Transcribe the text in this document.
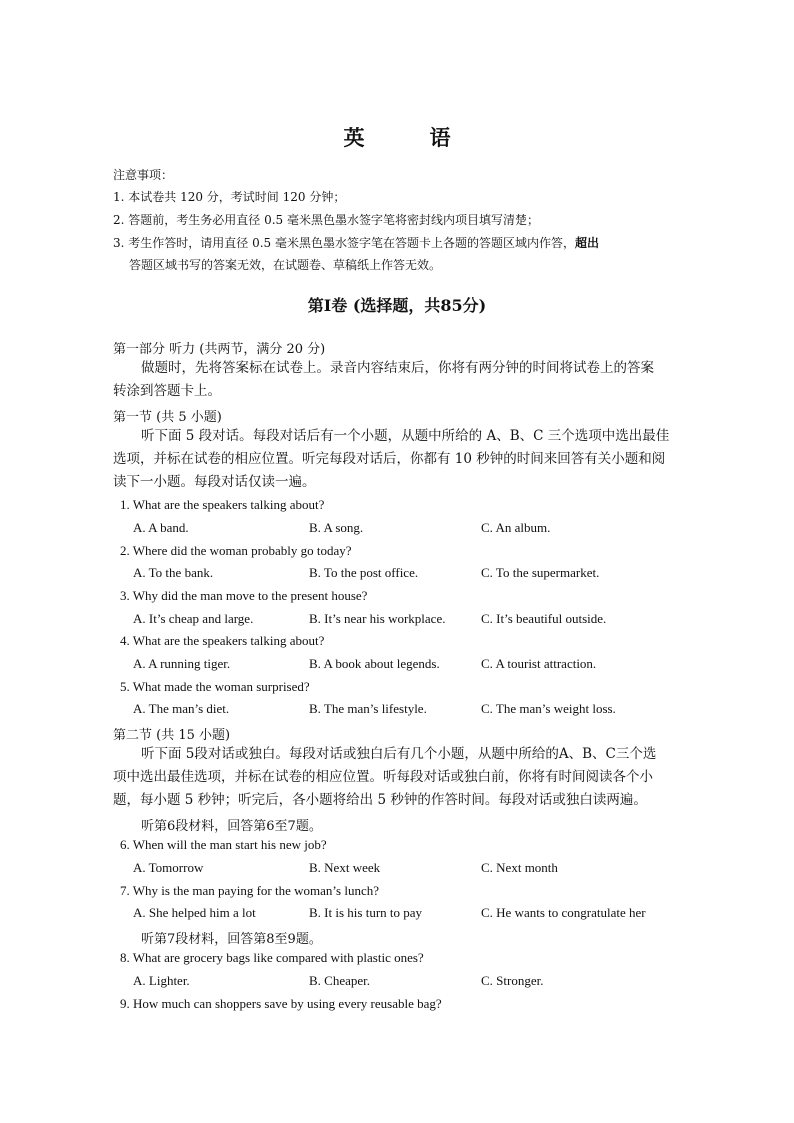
英　语
注意事项：
1. 本试卷共 120 分，考试时间 120 分钟；
2. 答题前，考生务必用直径 0.5 毫米黑色墨水签字笔将密封线内项目填写清楚；
3. 考生作答时，请用直径 0.5 毫米黑色墨水签字笔在答题卡上各题的答题区域内作答，超出
答题区域书写的答案无效，在试题卷、草稿纸上作答无效。
第Ⅰ卷 (选择题，共85分)
第一部分 听力 (共两节，满分 20 分)
做题时，先将答案标在试卷上。录音内容结束后，你将有两分钟的时间将试卷上的答案
转涂到答题卡上。
第一节 (共 5 小题)
听下面 5 段对话。每段对话后有一个小题，从题中所给的 A、B、C 三个选项中选出最佳
选项，并标在试卷的相应位置。听完每段对话后，你都有 10 秒钟的时间来回答有关小题和阅
读下一小题。每段对话仅读一遍。
1. What are the speakers talking about?
A. A band.	B. A song.	C. An album.
2. Where did the woman probably go today?
A. To the bank.	B. To the post office.	C. To the supermarket.
3. Why did the man move to the present house?
A. It’s cheap and large.	B. It’s near his workplace.	C. It’s beautiful outside.
4. What are the speakers talking about?
A. A running tiger.	B. A book about legends.	C. A tourist attraction.
5. What made the woman surprised?
A. The man’s diet.	B. The man’s lifestyle.	C. The man’s weight loss.
第二节 (共 15 小题)
听下面 5段对话或独白。每段对话或独白后有几个小题，从题中所给的A、B、C三个选
项中选出最佳选项，并标在试卷的相应位置。听每段对话或独白前，你将有时间阅读各个小
题，每小题 5 秒钟；听完后，各小题将给出 5 秒钟的作答时间。每段对话或独白读两遍。
听第6段材料，回答第6至7题。
6. When will the man start his new job?
A. Tomorrow	B. Next week	C. Next month
7. Why is the man paying for the woman’s lunch?
A. She helped him a lot	B. It is his turn to pay	C. He wants to congratulate her
听第7段材料，回答第8至9题。
8. What are grocery bags like compared with plastic ones?
A. Lighter.	B. Cheaper.	C. Stronger.
9. How much can shoppers save by using every reusable bag?
